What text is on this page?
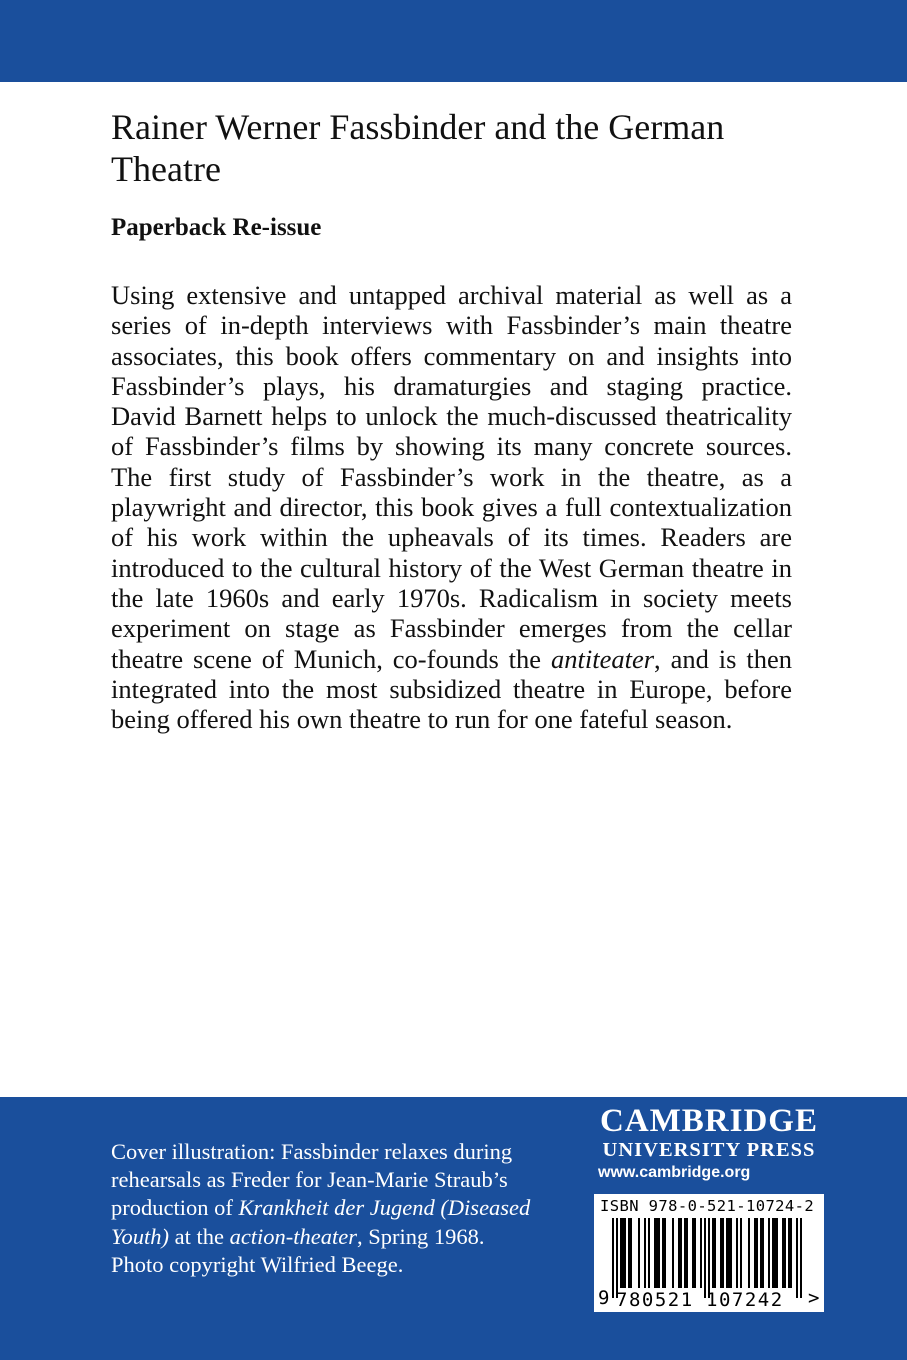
Rainer Werner Fassbinder and the German Theatre
Paperback Re-issue

Using extensive and untapped archival material as well as a series of in-depth interviews with Fassbinder’s main theatre associates, this book offers commentary on and insights into Fassbinder’s plays, his dramaturgies and staging practice. David Barnett helps to unlock the much-discussed theatricality of Fassbinder’s films by showing its many concrete sources. The first study of Fassbinder’s work in the theatre, as a playwright and director, this book gives a full contextualization of his work within the upheavals of its times. Readers are introduced to the cultural history of the West German theatre in the late 1960s and early 1970s. Radicalism in society meets experiment on stage as Fassbinder emerges from the cellar theatre scene of Munich, co-founds the antiteater, and is then integrated into the most subsidized theatre in Europe, before being offered his own theatre to run for one fateful season.

Cover illustration: Fassbinder relaxes during rehearsals as Freder for Jean-Marie Straub’s production of Krankheit der Jugend (Diseased Youth) at the action-theater, Spring 1968. Photo copyright Wilfried Beege.

CAMBRIDGE
UNIVERSITY PRESS
www.cambridge.org
ISBN 978-0-521-10724-2
9 780521 107242 >
